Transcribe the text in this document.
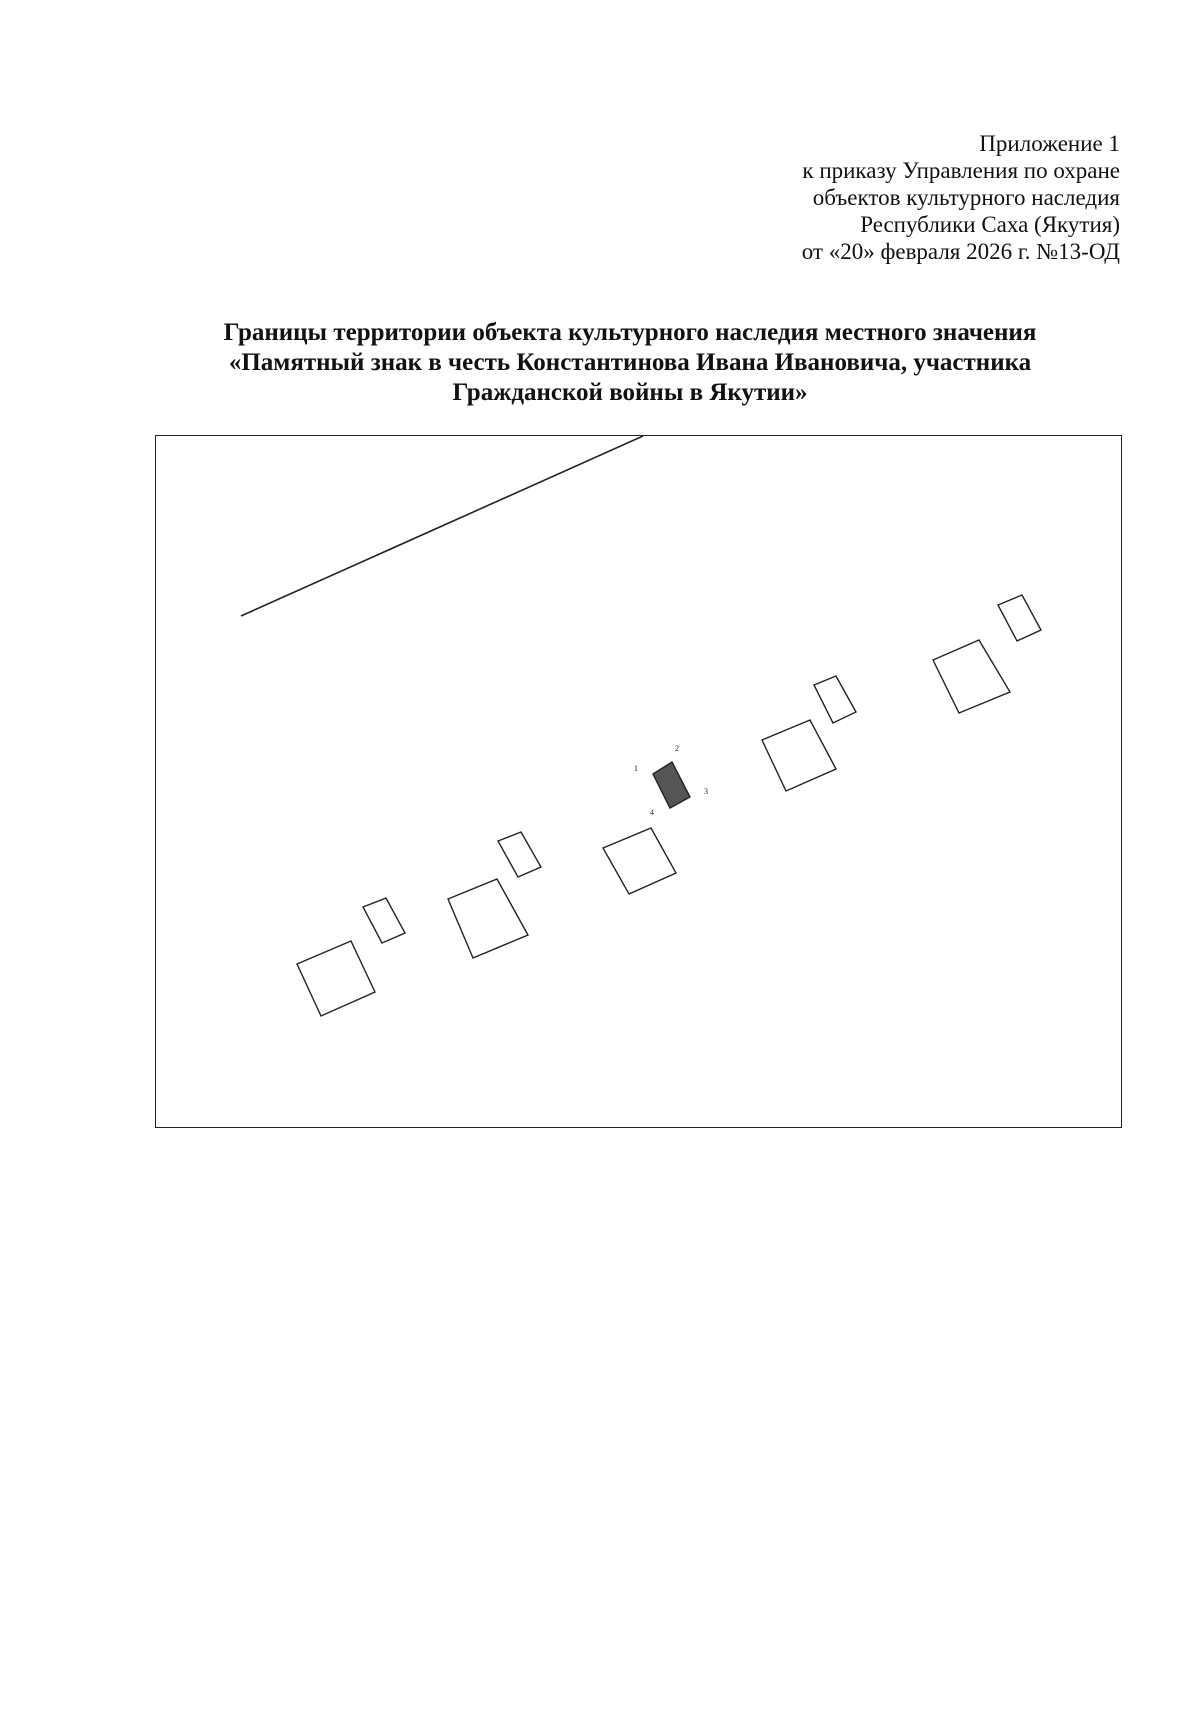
Приложение 1
к приказу Управления по охране
объектов культурного наследия
Республики Саха (Якутия)
от «20» февраля 2026 г. №13-ОД
Границы территории объекта культурного наследия местного значения
«Памятный знак в честь Константинова Ивана Ивановича, участника
Гражданской войны в Якутии»
1
2
3
4
